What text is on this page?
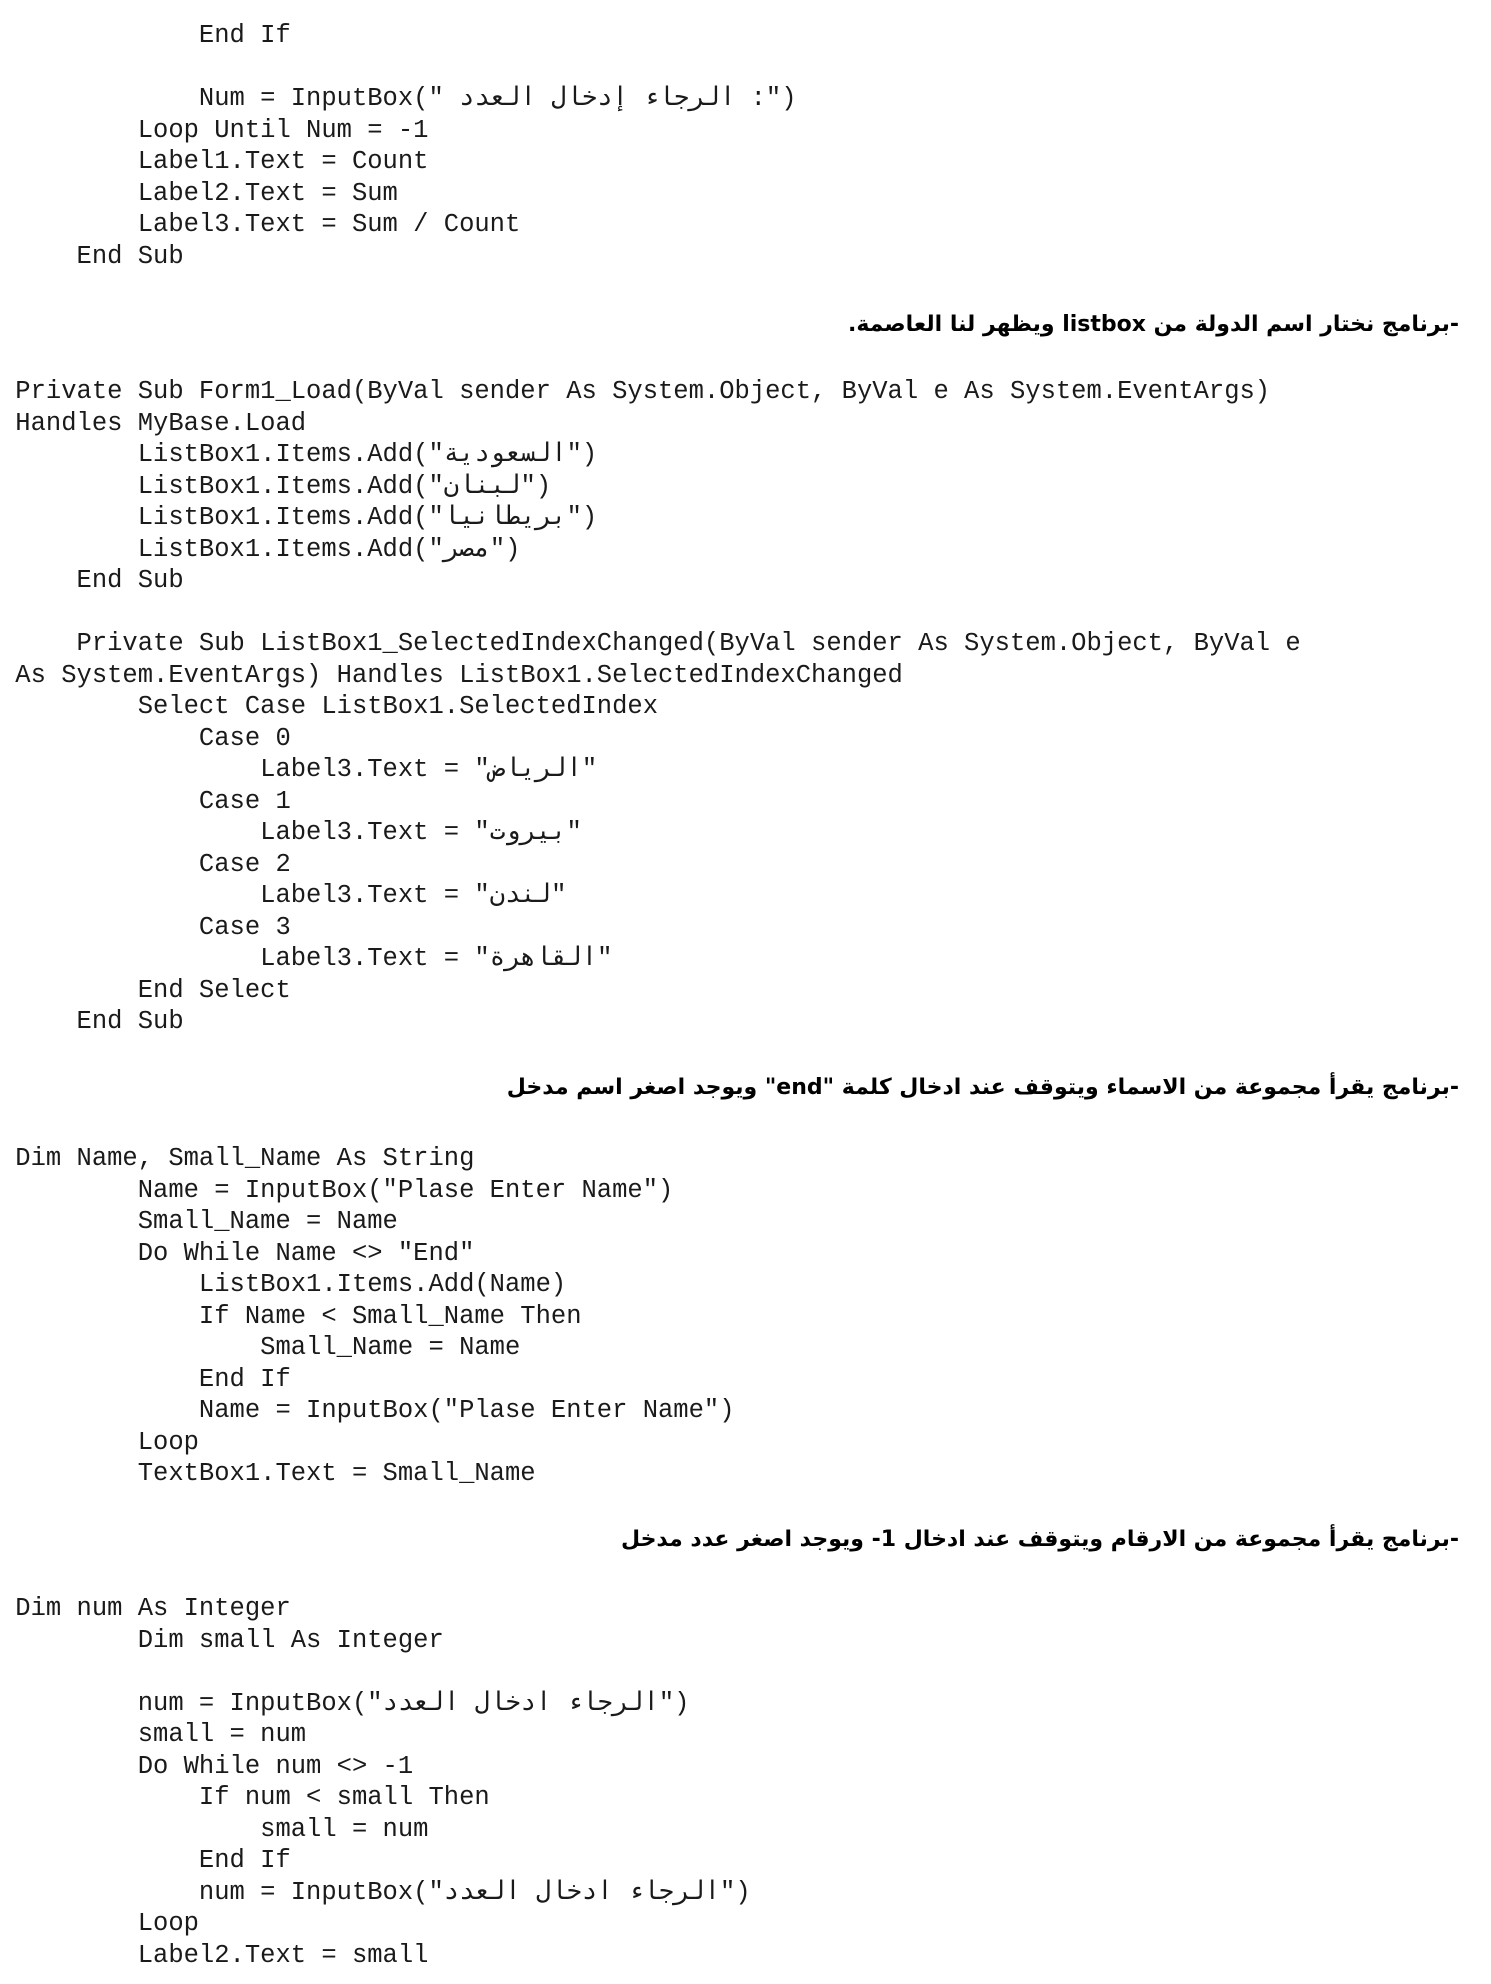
End If
Num = InputBox(" الرجاء إدخال العدد :")
Loop Until Num = -1
Label1.Text = Count
Label2.Text = Sum
Label3.Text = Sum / Count
End Sub
-برنامج نختار اسم الدولة من listbox ويظهر لنا العاصمة.
Private Sub Form1_Load(ByVal sender As System.Object, ByVal e As System.EventArgs)
Handles MyBase.Load
ListBox1.Items.Add("السعودية")
ListBox1.Items.Add("لبنان")
ListBox1.Items.Add("بريطانيا")
ListBox1.Items.Add("مصر")
End Sub
Private Sub ListBox1_SelectedIndexChanged(ByVal sender As System.Object, ByVal e
As System.EventArgs) Handles ListBox1.SelectedIndexChanged
Select Case ListBox1.SelectedIndex
Case 0
Label3.Text = "الرياض"
Case 1
Label3.Text = "بيروت"
Case 2
Label3.Text = "لندن"
Case 3
Label3.Text = "القاهرة"
End Select
End Sub
-برنامج يقرأ مجموعة من الاسماء ويتوقف عند ادخال كلمة "end" ويوجد اصغر اسم مدخل
Dim Name, Small_Name As String
Name = InputBox("Plase Enter Name")
Small_Name = Name
Do While Name <> "End"
ListBox1.Items.Add(Name)
If Name < Small_Name Then
Small_Name = Name
End If
Name = InputBox("Plase Enter Name")
Loop
TextBox1.Text = Small_Name
-برنامج يقرأ مجموعة من الارقام ويتوقف عند ادخال 1- ويوجد اصغر عدد مدخل
Dim num As Integer
Dim small As Integer
num = InputBox("الرجاء ادخال العدد")
small = num
Do While num <> -1
If num < small Then
small = num
End If
num = InputBox("الرجاء ادخال العدد")
Loop
Label2.Text = small
